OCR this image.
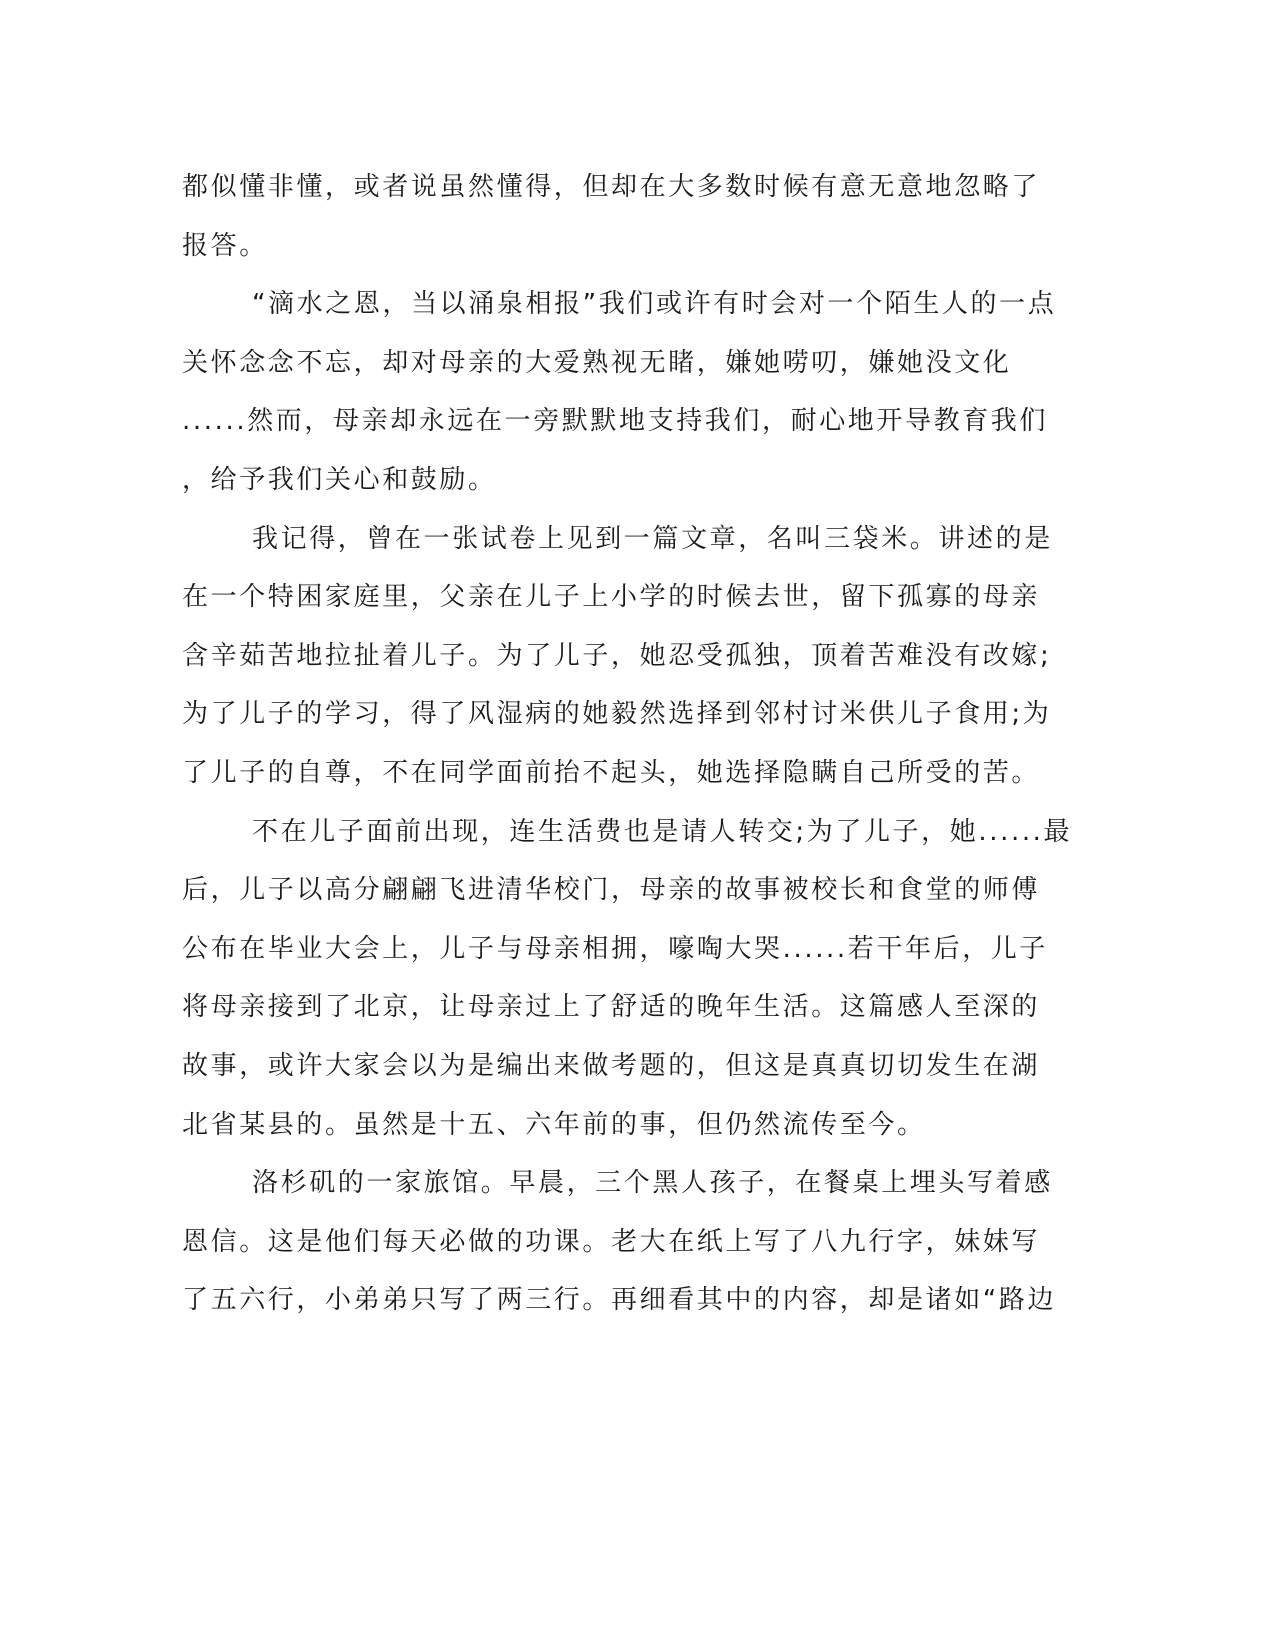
都似懂非懂，或者说虽然懂得，但却在大多数时候有意无意地忽略了
报答。
“滴水之恩，当以涌泉相报”我们或许有时会对一个陌生人的一点
关怀念念不忘，却对母亲的大爱熟视无睹，嫌她唠叨，嫌她没文化
......然而，母亲却永远在一旁默默地支持我们，耐心地开导教育我们
，给予我们关心和鼓励。
我记得，曾在一张试卷上见到一篇文章，名叫三袋米。讲述的是
在一个特困家庭里，父亲在儿子上小学的时候去世，留下孤寡的母亲
含辛茹苦地拉扯着儿子。为了儿子，她忍受孤独，顶着苦难没有改嫁;
为了儿子的学习，得了风湿病的她毅然选择到邻村讨米供儿子食用;为
了儿子的自尊，不在同学面前抬不起头，她选择隐瞒自己所受的苦。
不在儿子面前出现，连生活费也是请人转交;为了儿子，她......最
后，儿子以高分翩翩飞进清华校门，母亲的故事被校长和食堂的师傅
公布在毕业大会上，儿子与母亲相拥，嚎啕大哭......若干年后，儿子
将母亲接到了北京，让母亲过上了舒适的晚年生活。这篇感人至深的
故事，或许大家会以为是编出来做考题的，但这是真真切切发生在湖
北省某县的。虽然是十五、六年前的事，但仍然流传至今。
洛杉矶的一家旅馆。早晨，三个黑人孩子，在餐桌上埋头写着感
恩信。这是他们每天必做的功课。老大在纸上写了八九行字，妹妹写
了五六行，小弟弟只写了两三行。再细看其中的内容，却是诸如“路边
